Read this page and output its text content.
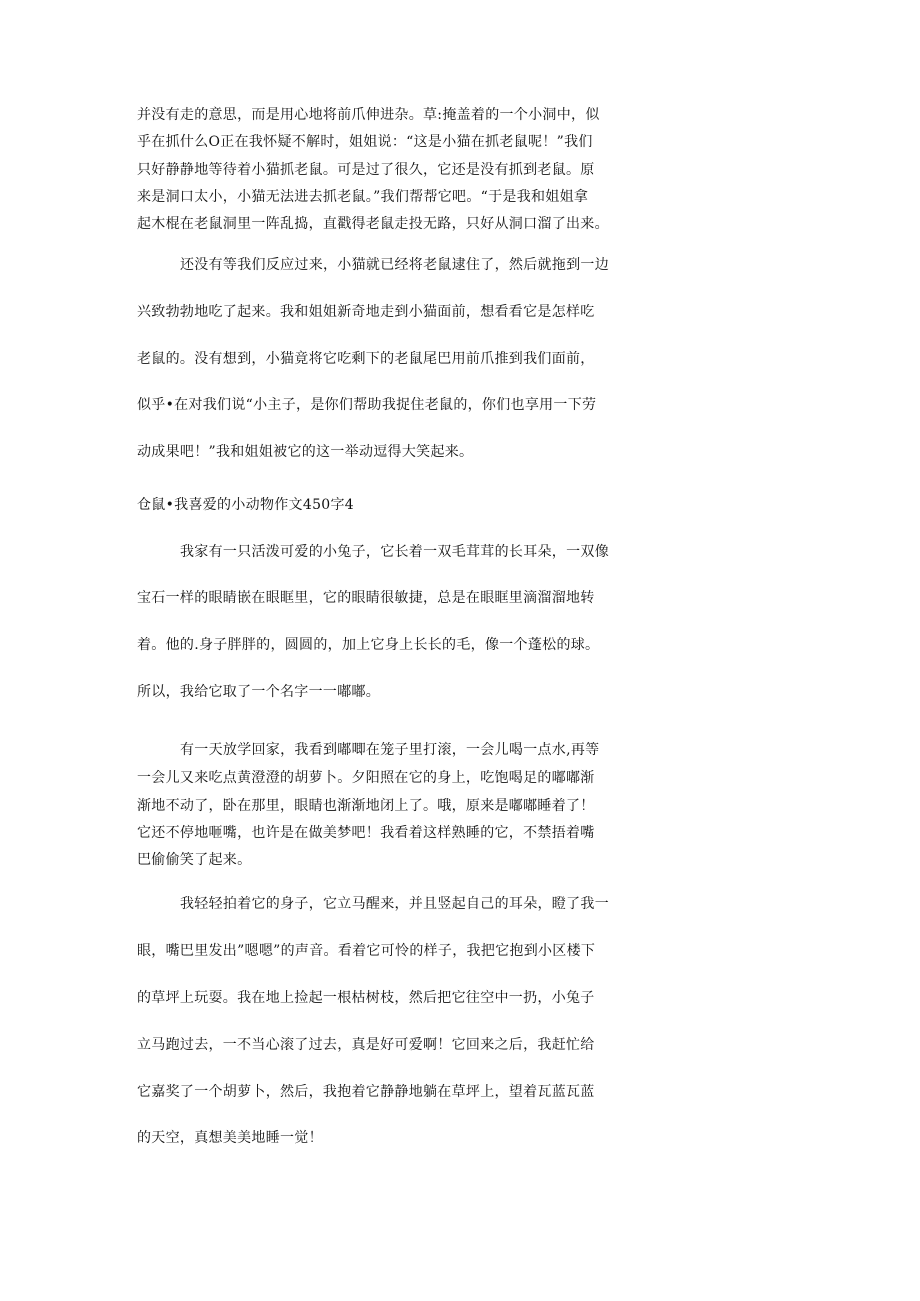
并没有走的意思，而是用心地将前爪伸进杂。草:掩盖着的一个小洞中，似
乎在抓什么O正在我怀疑不解时，姐姐说：“这是小猫在抓老鼠呢！”我们
只好静静地等待着小猫抓老鼠。可是过了很久，它还是没有抓到老鼠。原
来是洞口太小，小猫无法进去抓老鼠。”我们帮帮它吧。“于是我和姐姐拿
起木棍在老鼠洞里一阵乱捣，直戳得老鼠走投无路，只好从洞口溜了出来。
还没有等我们反应过来，小猫就已经将老鼠逮住了，然后就拖到一边
兴致勃勃地吃了起来。我和姐姐新奇地走到小猫面前，想看看它是怎样吃
老鼠的。没有想到，小猫竟将它吃剩下的老鼠尾巴用前爪推到我们面前，
似乎•在对我们说“小主子，是你们帮助我捉住老鼠的，你们也享用一下劳
动成果吧！”我和姐姐被它的这一举动逗得大笑起来。
仓鼠•我喜爱的小动物作文450字4
我家有一只活泼可爱的小兔子，它长着一双毛茸茸的长耳朵，一双像
宝石一样的眼睛嵌在眼眶里，它的眼睛很敏捷，总是在眼眶里滴溜溜地转
着。他的.身子胖胖的，圆圆的，加上它身上长长的毛，像一个蓬松的球。
所以，我给它取了一个名字一一嘟嘟。
有一天放学回家，我看到嘟唧在笼子里打滚，一会儿喝一点水,再等
一会儿又来吃点黄澄澄的胡萝卜。夕阳照在它的身上，吃饱喝足的嘟嘟渐
渐地不动了，卧在那里，眼睛也渐渐地闭上了。哦，原来是嘟嘟睡着了！
它还不停地咂嘴，也许是在做美梦吧！我看着这样熟睡的它，不禁捂着嘴
巴偷偷笑了起来。
我轻轻拍着它的身子，它立马醒来，并且竖起自己的耳朵，瞪了我一
眼，嘴巴里发出”嗯嗯”的声音。看着它可怜的样子，我把它抱到小区楼下
的草坪上玩耍。我在地上捡起一根枯树枝，然后把它往空中一扔，小兔子
立马跑过去，一不当心滚了过去，真是好可爱啊！它回来之后，我赶忙给
它嘉奖了一个胡萝卜，然后，我抱着它静静地躺在草坪上，望着瓦蓝瓦蓝
的天空，真想美美地睡一觉！
